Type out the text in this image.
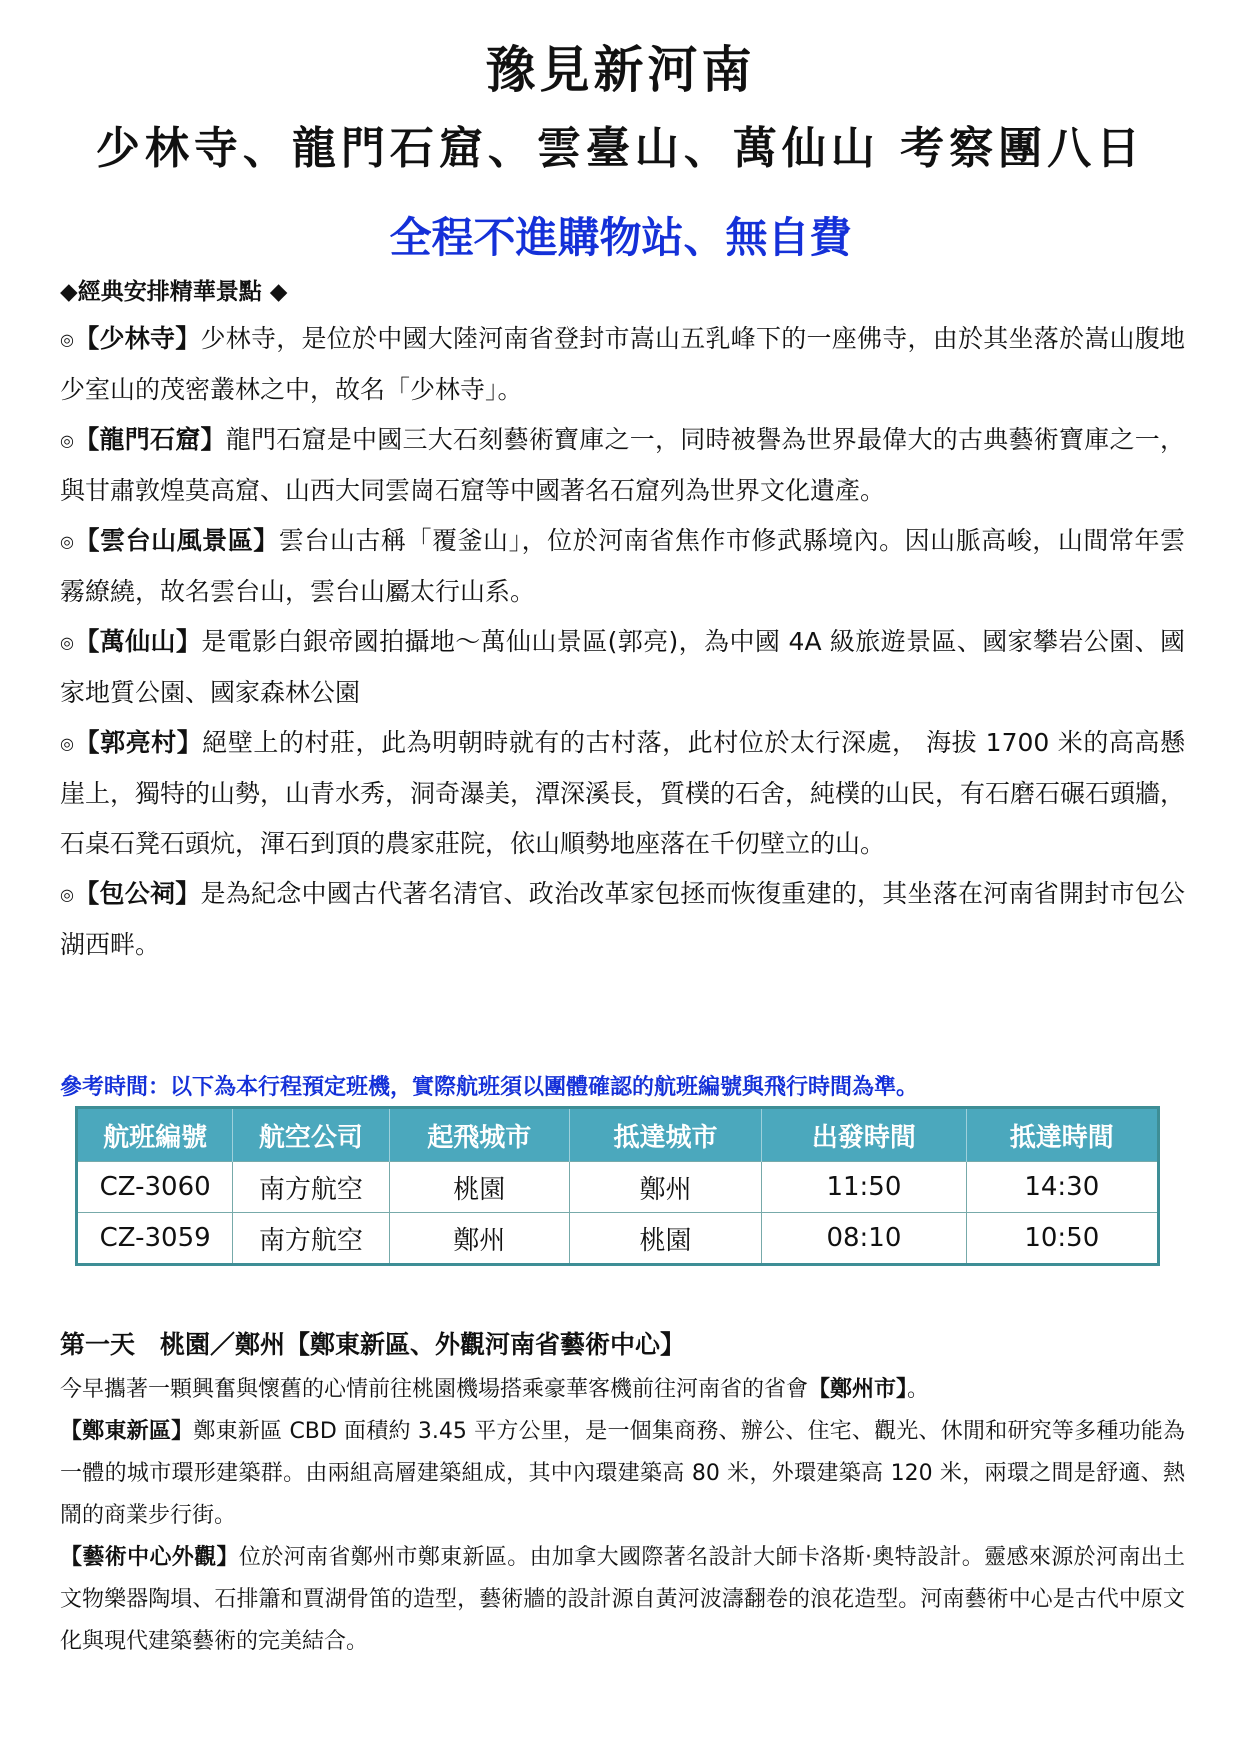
豫見新河南
少林寺、龍門石窟、雲臺山、萬仙山 考察團八日
全程不進購物站、無自費
◆經典安排精華景點 ◆
◎【少林寺】少林寺，是位於中國大陸河南省登封市嵩山五乳峰下的一座佛寺，由於其坐落於嵩山腹地少室山的茂密叢林之中，故名「少林寺」。
◎【龍門石窟】龍門石窟是中國三大石刻藝術寶庫之一，同時被譽為世界最偉大的古典藝術寶庫之一，與甘肅敦煌莫高窟、山西大同雲崗石窟等中國著名石窟列為世界文化遺產。
◎【雲台山風景區】雲台山古稱「覆釜山」，位於河南省焦作市修武縣境內。因山脈高峻，山間常年雲霧繚繞，故名雲台山，雲台山屬太行山系。
◎【萬仙山】是電影白銀帝國拍攝地～萬仙山景區(郭亮)，為中國 4A 級旅遊景區、國家攀岩公園、國家地質公園、國家森林公園
◎【郭亮村】絕壁上的村莊，此為明朝時就有的古村落，此村位於太行深處， 海拔 1700 米的高高懸崖上，獨特的山勢，山青水秀，洞奇瀑美，潭深溪長，質樸的石舍，純樸的山民，有石磨石碾石頭牆，石桌石凳石頭炕，渾石到頂的農家莊院，依山順勢地座落在千仞壁立的山。
◎【包公祠】是為紀念中國古代著名清官、政治改革家包拯而恢復重建的，其坐落在河南省開封市包公湖西畔。
參考時間：以下為本行程預定班機，實際航班須以團體確認的航班編號與飛行時間為準。
航班編號	航空公司	起飛城市	抵達城市	出發時間	抵達時間
CZ-3060	南方航空	桃園	鄭州	11:50	14:30
CZ-3059	南方航空	鄭州	桃園	08:10	10:50
第一天　桃園／鄭州【鄭東新區、外觀河南省藝術中心】
今早攜著一顆興奮與懷舊的心情前往桃園機場搭乘豪華客機前往河南省的省會【鄭州市】。
【鄭東新區】鄭東新區 CBD 面積約 3.45 平方公里，是一個集商務、辦公、住宅、觀光、休閒和研究等多種功能為一體的城市環形建築群。由兩組高層建築組成，其中內環建築高 80 米，外環建築高 120 米，兩環之間是舒適、熱鬧的商業步行街。
【藝術中心外觀】位於河南省鄭州市鄭東新區。由加拿大國際著名設計大師卡洛斯·奧特設計。靈感來源於河南出土文物樂器陶塤、石排簫和賈湖骨笛的造型，藝術牆的設計源自黃河波濤翻卷的浪花造型。河南藝術中心是古代中原文化與現代建築藝術的完美結合。
